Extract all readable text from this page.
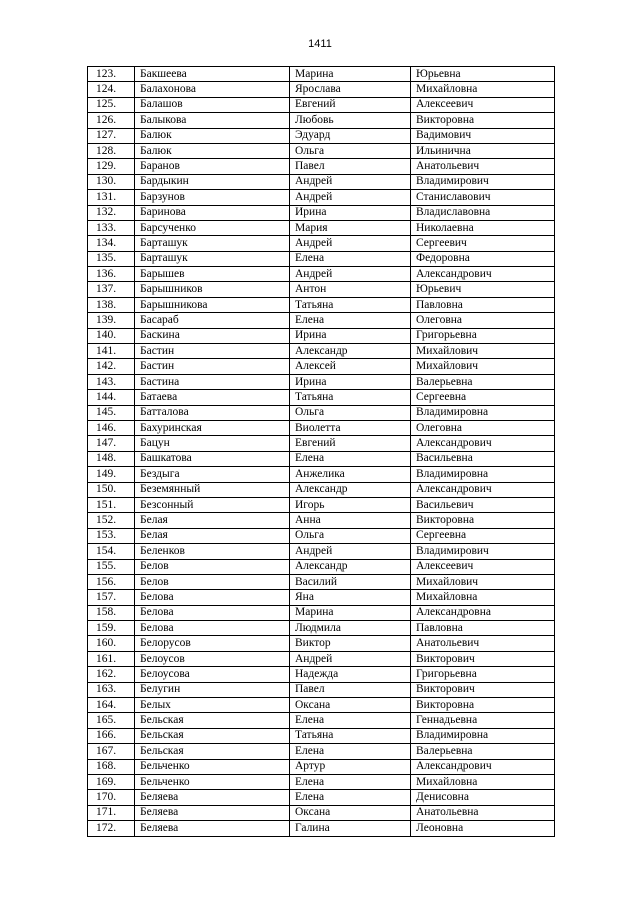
1411
123.	Бакшеева	Марина	Юрьевна
124.	Балахонова	Ярослава	Михайловна
125.	Балашов	Евгений	Алексеевич
126.	Балыкова	Любовь	Викторовна
127.	Балюк	Эдуард	Вадимович
128.	Балюк	Ольга	Ильинична
129.	Баранов	Павел	Анатольевич
130.	Бардыкин	Андрей	Владимирович
131.	Барзунов	Андрей	Станиславович
132.	Баринова	Ирина	Владиславовна
133.	Барсученко	Мария	Николаевна
134.	Барташук	Андрей	Сергеевич
135.	Барташук	Елена	Федоровна
136.	Барышев	Андрей	Александрович
137.	Барышников	Антон	Юрьевич
138.	Барышникова	Татьяна	Павловна
139.	Басараб	Елена	Олеговна
140.	Баскина	Ирина	Григорьевна
141.	Бастин	Александр	Михайлович
142.	Бастин	Алексей	Михайлович
143.	Бастина	Ирина	Валерьевна
144.	Батаева	Татьяна	Сергеевна
145.	Батталова	Ольга	Владимировна
146.	Бахуринская	Виолетта	Олеговна
147.	Бацун	Евгений	Александрович
148.	Башкатова	Елена	Васильевна
149.	Бездыга	Анжелика	Владимировна
150.	Беземянный	Александр	Александрович
151.	Безсонный	Игорь	Васильевич
152.	Белая	Анна	Викторовна
153.	Белая	Ольга	Сергеевна
154.	Беленков	Андрей	Владимирович
155.	Белов	Александр	Алексеевич
156.	Белов	Василий	Михайлович
157.	Белова	Яна	Михайловна
158.	Белова	Марина	Александровна
159.	Белова	Людмила	Павловна
160.	Белорусов	Виктор	Анатольевич
161.	Белоусов	Андрей	Викторович
162.	Белоусова	Надежда	Григорьевна
163.	Белугин	Павел	Викторович
164.	Белых	Оксана	Викторовна
165.	Бельская	Елена	Геннадьевна
166.	Бельская	Татьяна	Владимировна
167.	Бельская	Елена	Валерьевна
168.	Бельченко	Артур	Александрович
169.	Бельченко	Елена	Михайловна
170.	Беляева	Елена	Денисовна
171.	Беляева	Оксана	Анатольевна
172.	Беляева	Галина	Леоновна
